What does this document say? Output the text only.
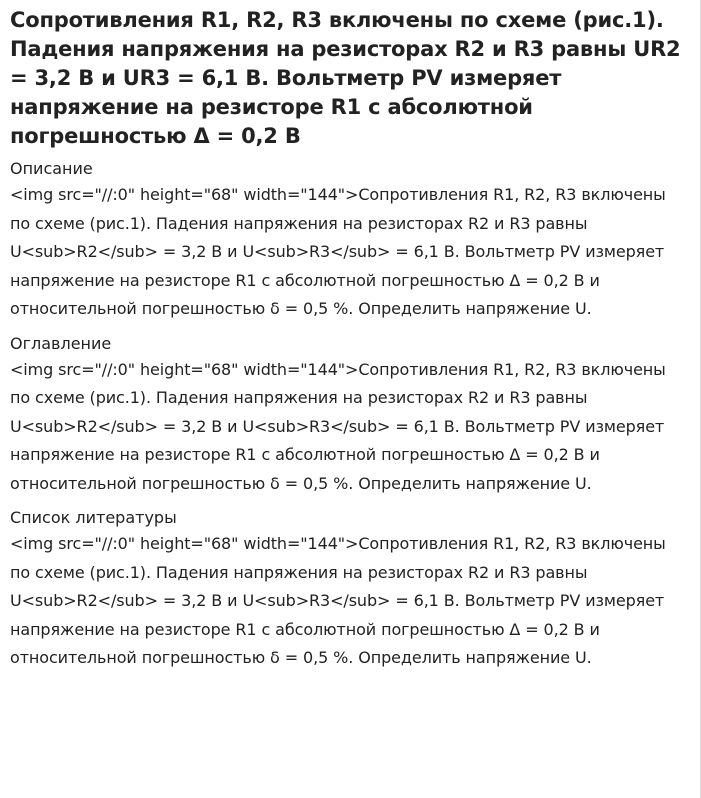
Сопротивления R1, R2, R3 включены по схеме (рис.1). Падения напряжения на резисторах R2 и R3 равны UR2 = 3,2 В и UR3 = 6,1 В. Вольтметр PV измеряет напряжение на резисторе R1 с абсолютной погрешностью Δ = 0,2 В
Описание
<img src="//:0" height="68" width="144">Сопротивления R1, R2, R3 включены по схеме (рис.1). Падения напряжения на резисторах R2 и R3 равны U<sub>R2</sub> = 3,2 В и U<sub>R3</sub> = 6,1 В. Вольтметр PV измеряет напряжение на резисторе R1 с абсолютной погрешностью Δ = 0,2 В и относительной погрешностью δ = 0,5 %. Определить напряжение U.
Оглавление
<img src="//:0" height="68" width="144">Сопротивления R1, R2, R3 включены по схеме (рис.1). Падения напряжения на резисторах R2 и R3 равны U<sub>R2</sub> = 3,2 В и U<sub>R3</sub> = 6,1 В. Вольтметр PV измеряет напряжение на резисторе R1 с абсолютной погрешностью Δ = 0,2 В и относительной погрешностью δ = 0,5 %. Определить напряжение U.
Список литературы
<img src="//:0" height="68" width="144">Сопротивления R1, R2, R3 включены по схеме (рис.1). Падения напряжения на резисторах R2 и R3 равны U<sub>R2</sub> = 3,2 В и U<sub>R3</sub> = 6,1 В. Вольтметр PV измеряет напряжение на резисторе R1 с абсолютной погрешностью Δ = 0,2 В и относительной погрешностью δ = 0,5 %. Определить напряжение U.
